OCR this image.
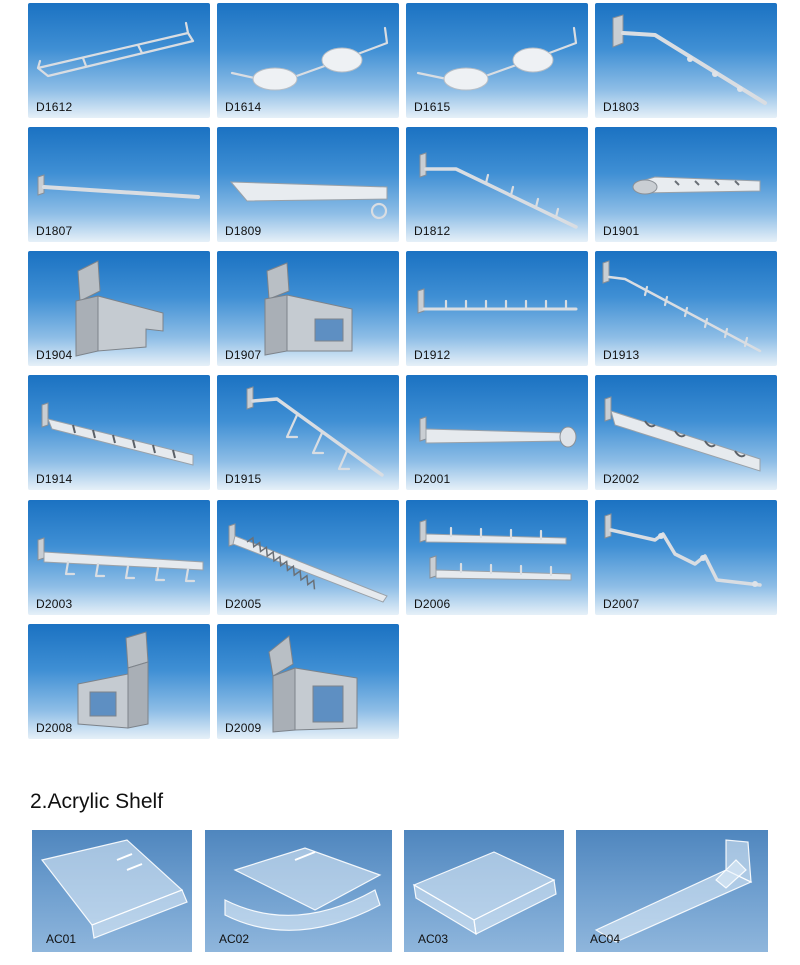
D1612	D1614	D1615	D1803
D1807	D1809	D1812	D1901
D1904	D1907	D1912	D1913
D1914	D1915	D2001	D2002
D2003	D2005	D2006	D2007
D2008	D2009
2.Acrylic Shelf
AC01	AC02	AC03	AC04
